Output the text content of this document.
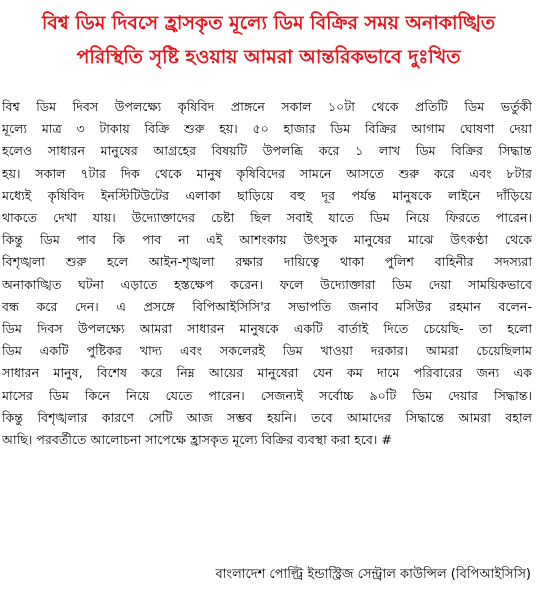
বিশ্ব ডিম দিবসে হ্রাসকৃত মূল্যে ডিম বিক্রির সময় অনাকাঙ্খিত
পরিস্থিতি সৃষ্টি হওয়ায় আমরা আন্তরিকভাবে দুঃখিত

বিশ্ব ডিম দিবস উপলক্ষ্যে কৃষিবিদ প্রাঙ্গনে সকাল ১০টা থেকে প্রতিটি ডিম ভর্তুকী
মূল্যে মাত্র ৩ টাকায় বিক্রি শুরু হয়। ৫০ হাজার ডিম বিক্রির আগাম ঘোষণা দেয়া
হলেও সাধারন মানুষের আগ্রহের বিষয়টি উপলব্ধি করে ১ লাখ ডিম বিক্রির সিদ্ধান্ত
হয়। সকাল ৭টার দিক থেকে মানুষ কৃষিবিদের সামনে আসতে শুরু করে এবং ৮টার
মধ্যেই কৃষিবিদ ইনস্টিটিউটের এলাকা ছাড়িয়ে বহু দূর পর্যন্ত মানুষকে লাইনে দাঁড়িয়ে
থাকতে দেখা যায়। উদ্যোক্তাদের চেষ্টা ছিল সবাই যাতে ডিম নিয়ে ফিরতে পারেন।
কিন্তু ডিম পাব কি পাব না এই আশংকায় উৎসুক মানুষের মাঝে উৎকণ্ঠা থেকে
বিশৃঙ্খলা শুরু হলে আইন-শৃঙ্খলা রক্ষার দায়িত্বে থাকা পুলিশ বাহিনীর সদস্যরা
অনাকাঙ্খিত ঘটনা এড়াতে হস্তক্ষেপ করেন। ফলে উদ্যোক্তারা ডিম দেয়া সাময়িকভাবে
বন্ধ করে দেন। এ প্রসঙ্গে বিপিআইসিসি'র সভাপতি জনাব মসিউর রহমান বলেন-
ডিম দিবস উপলক্ষ্যে আমরা সাধারন মানুষকে একটি বার্তাই দিতে চেয়েছি- তা হলো
ডিম একটি পুষ্টিকর খাদ্য এবং সকলেরই ডিম খাওয়া দরকার। আমরা চেয়েছিলাম
সাধারন মানুষ, বিশেষ করে নিম্ন আয়ের মানুষেরা যেন কম দামে পরিবারের জন্য এক
মাসের ডিম কিনে নিয়ে যেতে পারেন। সেজন্যই সর্বোচ্চ ৯০টি ডিম দেয়ার সিদ্ধান্ত।
কিন্তু বিশৃঙ্খলার কারণে সেটি আজ সম্ভব হয়নি। তবে আমাদের সিদ্ধান্তে আমরা বহাল
আছি। পরবর্তীতে আলোচনা সাপেক্ষে হ্রাসকৃত মূল্যে বিক্রির ব্যবস্থা করা হবে। #

বাংলাদেশ পোল্ট্রি ইন্ডাস্ট্রিজ সেন্ট্রাল কাউন্সিল (বিপিআইসিসি)
